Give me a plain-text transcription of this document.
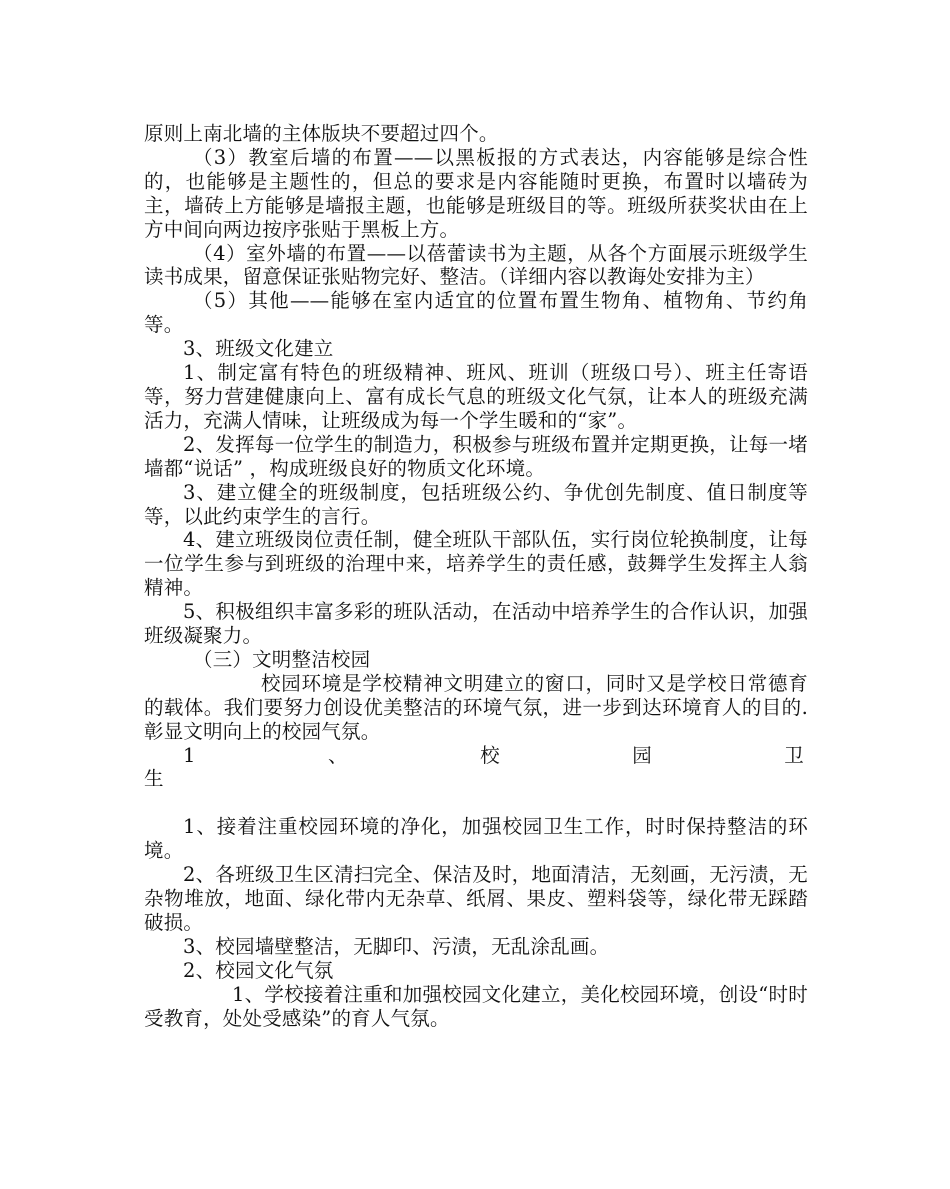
原则上南北墙的主体版块不要超过四个。

（3）教室后墙的布置——以黑板报的方式表达，内容能够是综合性的，也能够是主题性的，但总的要求是内容能随时更换，布置时以墙砖为主，墙砖上方能够是墙报主题，也能够是班级目的等。班级所获奖状由在上方中间向两边按序张贴于黑板上方。

（4）室外墙的布置——以蓓蕾读书为主题，从各个方面展示班级学生读书成果，留意保证张贴物完好、整洁。（详细内容以教诲处安排为主）

（5）其他——能够在室内适宜的位置布置生物角、植物角、节约角等。

3、班级文化建立

1、制定富有特色的班级精神、班风、班训（班级口号）、班主任寄语等，努力营建健康向上、富有成长气息的班级文化气氛，让本人的班级充满活力，充满人情味，让班级成为每一个学生暖和的“家”。

2、发挥每一位学生的制造力，积极参与班级布置并定期更换，让每一堵墙都“说话” ，构成班级良好的物质文化环境。

3、建立健全的班级制度，包括班级公约、争优创先制度、值日制度等等，以此约束学生的言行。

4、建立班级岗位责任制，健全班队干部队伍，实行岗位轮换制度，让每一位学生参与到班级的治理中来，培养学生的责任感，鼓舞学生发挥主人翁精神。

5、积极组织丰富多彩的班队活动，在活动中培养学生的合作认识，加强班级凝聚力。

（三）文明整洁校园

校园环境是学校精神文明建立的窗口，同时又是学校日常德育的载体。我们要努力创设优美整洁的环境气氛，进一步到达环境育人的目的.彰显文明向上的校园气氛。

1	、	校	园	卫

生

1、接着注重校园环境的净化，加强校园卫生工作，时时保持整洁的环境。

2、各班级卫生区清扫完全、保洁及时，地面清洁，无刻画，无污渍，无杂物堆放，地面、绿化带内无杂草、纸屑、果皮、塑料袋等，绿化带无踩踏破损。

3、校园墙壁整洁，无脚印、污渍，无乱涂乱画。

2、校园文化气氛

1、学校接着注重和加强校园文化建立，美化校园环境，创设“时时受教育，处处受感染”的育人气氛。
